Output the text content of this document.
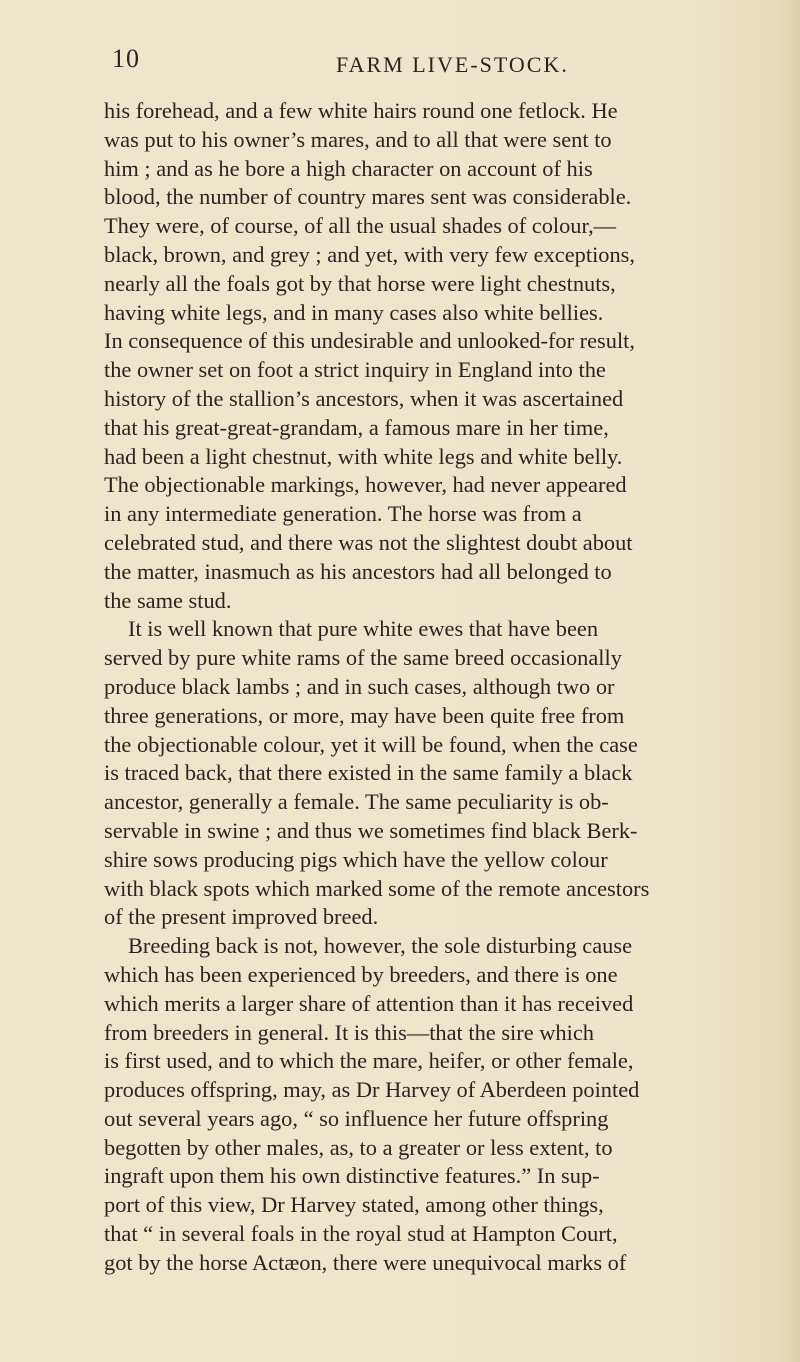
10	FARM LIVE-STOCK.
his forehead, and a few white hairs round one fetlock. He
was put to his owner’s mares, and to all that were sent to
him ; and as he bore a high character on account of his
blood, the number of country mares sent was considerable.
They were, of course, of all the usual shades of colour,—
black, brown, and grey ; and yet, with very few exceptions,
nearly all the foals got by that horse were light chestnuts,
having white legs, and in many cases also white bellies.
In consequence of this undesirable and unlooked-for result,
the owner set on foot a strict inquiry in England into the
history of the stallion’s ancestors, when it was ascertained
that his great-great-grandam, a famous mare in her time,
had been a light chestnut, with white legs and white belly.
The objectionable markings, however, had never appeared
in any intermediate generation. The horse was from a
celebrated stud, and there was not the slightest doubt about
the matter, inasmuch as his ancestors had all belonged to
the same stud.
It is well known that pure white ewes that have been
served by pure white rams of the same breed occasionally
produce black lambs ; and in such cases, although two or
three generations, or more, may have been quite free from
the objectionable colour, yet it will be found, when the case
is traced back, that there existed in the same family a black
ancestor, generally a female. The same peculiarity is ob-
servable in swine ; and thus we sometimes find black Berk-
shire sows producing pigs which have the yellow colour
with black spots which marked some of the remote ancestors
of the present improved breed.
Breeding back is not, however, the sole disturbing cause
which has been experienced by breeders, and there is one
which merits a larger share of attention than it has received
from breeders in general. It is this—that the sire which
is first used, and to which the mare, heifer, or other female,
produces offspring, may, as Dr Harvey of Aberdeen pointed
out several years ago, “ so influence her future offspring
begotten by other males, as, to a greater or less extent, to
ingraft upon them his own distinctive features.” In sup-
port of this view, Dr Harvey stated, among other things,
that “ in several foals in the royal stud at Hampton Court,
got by the horse Actæon, there were unequivocal marks of
